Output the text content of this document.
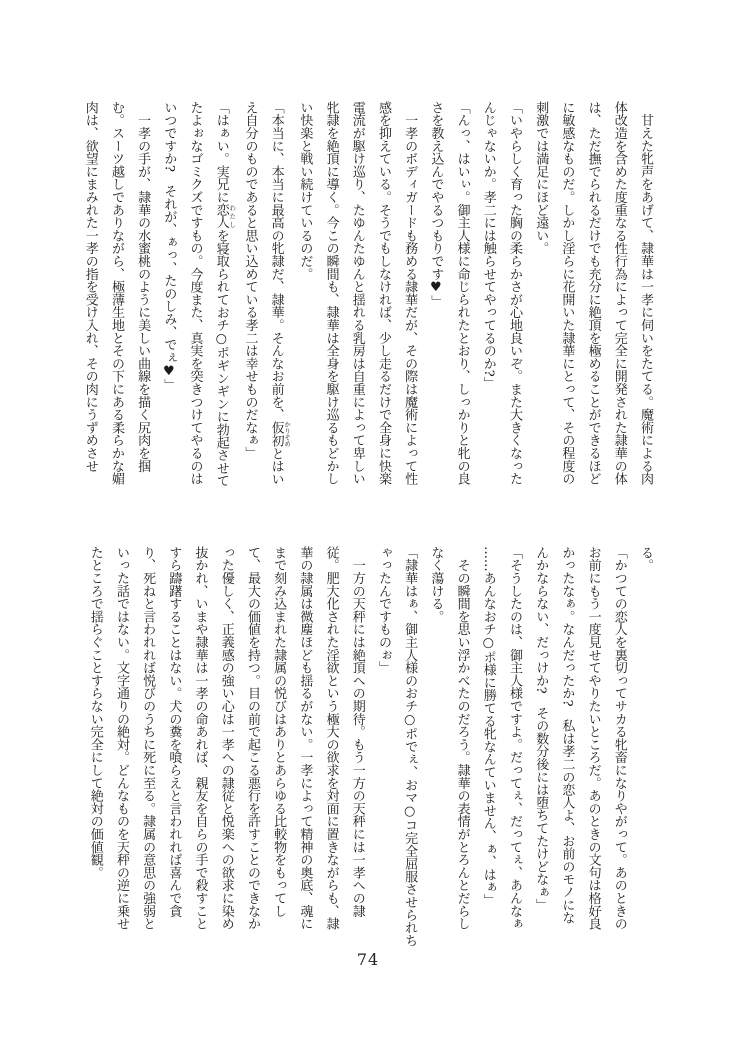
　甘えた牝声をあげて、隷華は一孝に伺いをたてる。魔術による肉
体改造を含めた度重なる性行為によって完全に開発された隷華の体
は、ただ撫でられるだけでも充分に絶頂を極めることができるほど
に敏感なものだ。しかし淫らに花開いた隷華にとって、その程度の
刺激では満足にほど遠い。
「いやらしく育った胸の柔らかさが心地良いぞ。また大きくなった
んじゃないか。孝二には触らせてやってるのか?」
「んっ、はいぃ。御主人様に命じられたとおり、しっかりと牝の良
さを教え込んでやるつもりです♥」
　一孝のボディガードも務める隷華だが、その際は魔術によって性
感を抑えている。そうでもしなければ、少し走るだけで全身に快楽
電流が駆け巡り、たゆんたゆんと揺れる乳房は自重によって卑しい
牝隷を絶頂に導く。今この瞬間も、隷華は全身を駆け巡るもどかし
い快楽と戦い続けているのだ。
「本当に、本当に最高の牝隷だ、隷華。そんなお前を、仮初 かりそめとはい
え自分のものであると思い込めている孝二は幸せものだなぁ」
「はぁい。実兄に恋人 わたしを寝取られておチ○ポギンギンに勃起させて
たよぉなゴミクズですもの。今度また、真実を突きつけてやるのは
いつですか?　それが、ぁっ、たのしみ、でぇ♥」
　一孝の手が、隷華の水蜜桃のように美しい曲線を描く尻肉を掴
む。スーツ越しでありながら、極薄生地とその下にある柔らかな媚
肉は、欲望にまみれた一孝の指を受け入れ、その肉にうずめさせ
る。
「かつての恋人を裏切ってサカる牝畜になりやがって。あのときの
お前にもう一度見せてやりたいところだ。あのときの文句は格好良
かったなぁ。なんだったか?　私は孝二の恋人よ、お前のモノにな
んかならない、だっけか?　その数分後には堕ちてたけどなぁ」
「そうしたのは、御主人様ですよ。だってぇ、だってぇ、あんなぁ
……あんなおチ○ポ様に勝てる牝なんていません、ぁ、はぁ」
　その瞬間を思い浮かべたのだろう。隷華の表情がとろんとだらし
なく蕩ける。
「隷華はぁ、御主人様のおチ○ポでぇ、おマ○コ完全屈服させられち
ゃったんですものぉ」
　一方の天秤には絶頂への期待。もう一方の天秤には一孝への隷
従。肥大化された淫欲という極大の欲求を対面に置きながらも、隷
華の隷属は微塵ほども揺るがない。一孝によって精神の奥底、魂に
まで刻み込まれた隷属の悦びはありとあらゆる比較物をもってし
て、最大の価値を持つ。目の前で起こる悪行を許すことのできなか
った優しく、正義感の強い心は一孝への隷従と悦楽への欲求に染め
抜かれ、いまや隷華は一孝の命あれば、親友を自らの手で殺すこと
すら躊躇することはない。犬の糞を喰らえと言われれば喜んで貪
り、死ねと言われれば悦びのうちに死に至る。隷属の意思の強弱と
いった話ではない。文字通りの絶対。どんなものを天秤の逆に乗せ
たところで揺らぐことすらない完全にして絶対の価値観。
74
